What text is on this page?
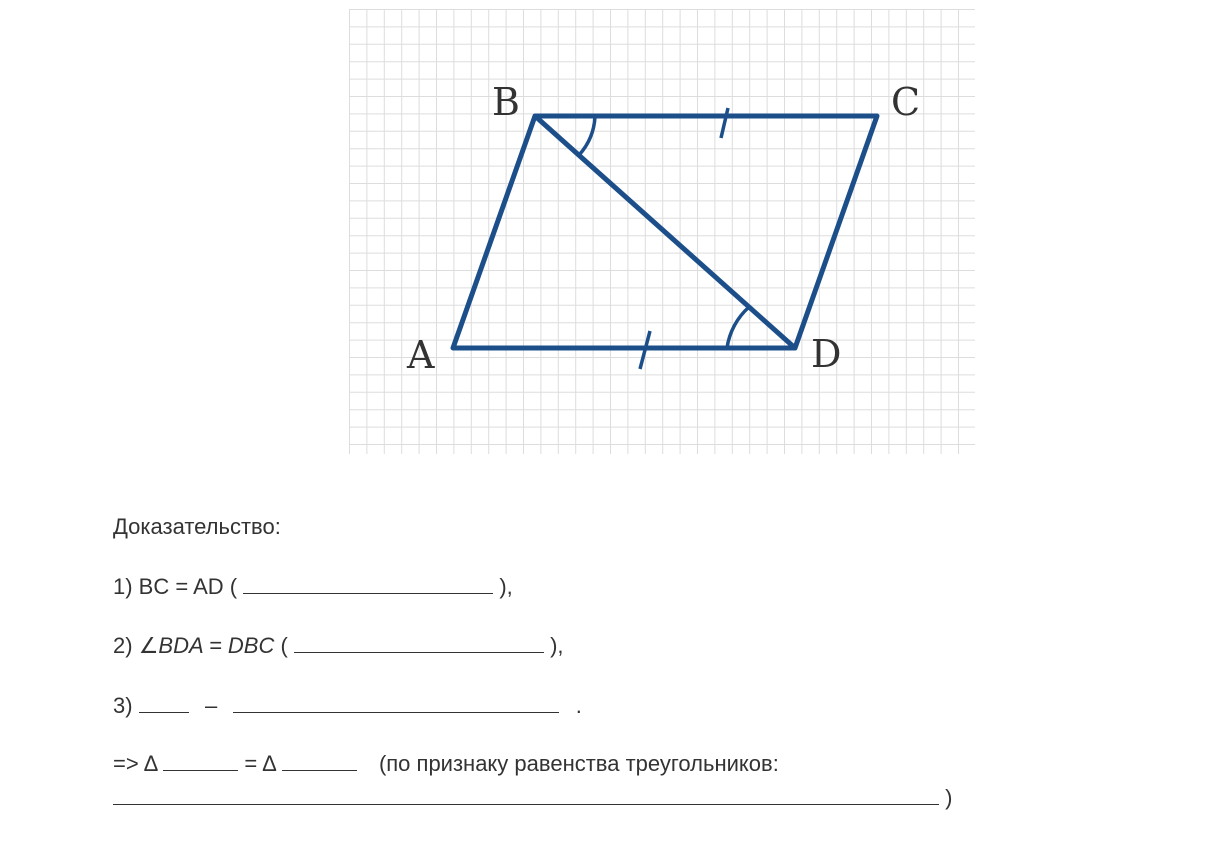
B	C
A	D
Доказательство:
1) BC = AD (	),
2) ∠BDA = DBC (	),
3)	–	.
=> Δ	= Δ	(по признаку равенства треугольников:
)
